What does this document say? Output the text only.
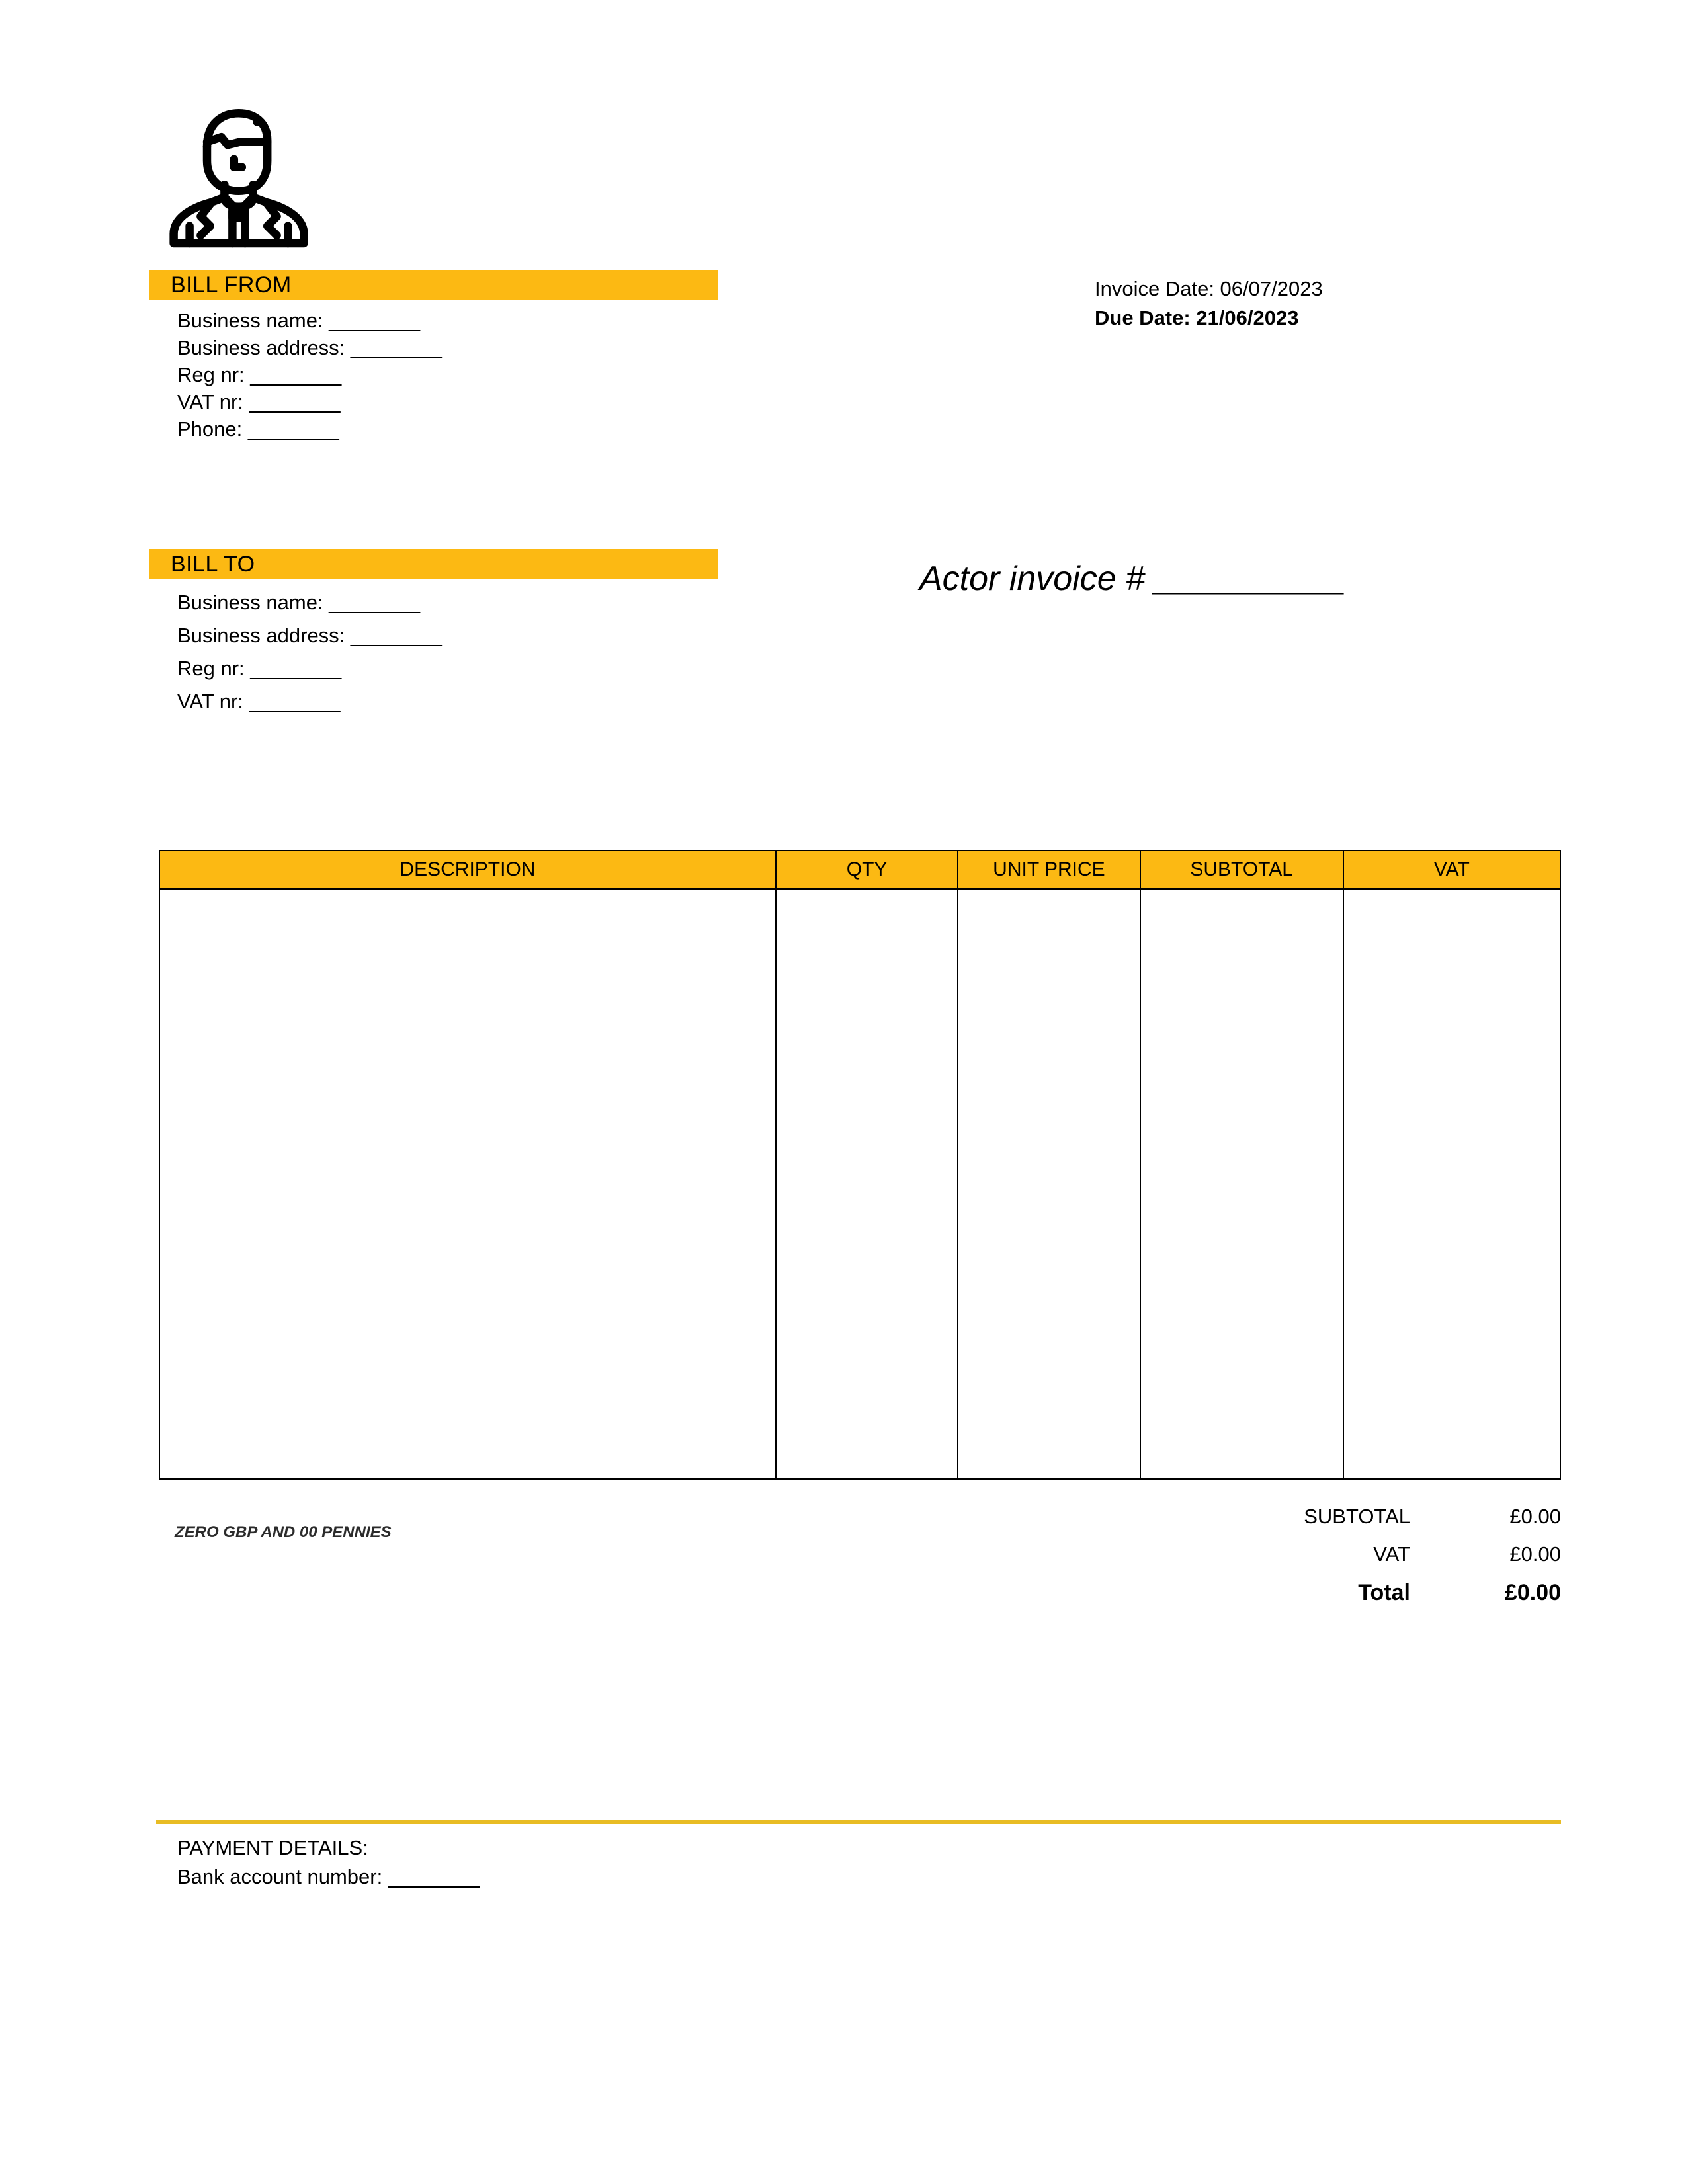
BILL FROM
Business name: ________
Business address: ________
Reg nr: ________
VAT nr: ________
Phone: ________
Invoice Date: 06/07/2023
Due Date: 21/06/2023
BILL TO
Business name: ________
Business address: ________
Reg nr: ________
VAT nr: ________
Actor invoice # __________
DESCRIPTION	QTY	UNIT PRICE	SUBTOTAL	VAT

ZERO GBP AND 00 PENNIES
SUBTOTAL	£0.00
VAT	£0.00
Total	£0.00
PAYMENT DETAILS:
Bank account number: ________
